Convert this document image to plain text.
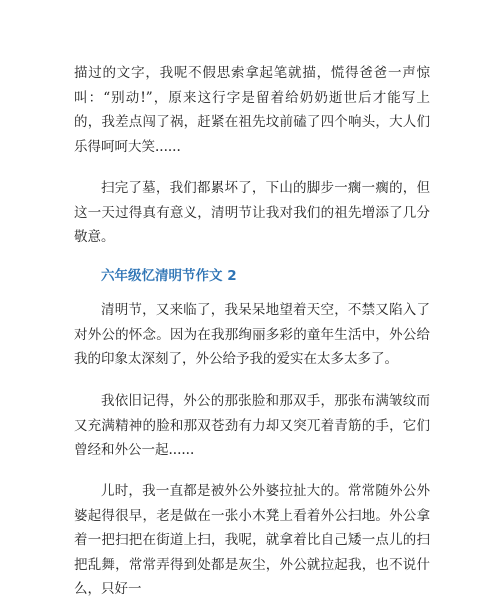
描过的文字，我呢不假思索拿起笔就描，慌得爸爸一声惊叫：“别动!”，原来这行字是留着给奶奶逝世后才能写上的，我差点闯了祸，赶紧在祖先坟前磕了四个响头，大人们乐得呵呵大笑......

扫完了墓，我们都累坏了，下山的脚步一瘸一瘸的，但这一天过得真有意义，清明节让我对我们的祖先增添了几分敬意。

六年级忆清明节作文 2

清明节，又来临了，我呆呆地望着天空，不禁又陷入了对外公的怀念。因为在我那绚丽多彩的童年生活中，外公给我的印象太深刻了，外公给予我的爱实在太多太多了。

我依旧记得，外公的那张脸和那双手，那张布满皱纹而又充满精神的脸和那双苍劲有力却又突兀着青筋的手，它们曾经和外公一起......

儿时，我一直都是被外公外婆拉扯大的。常常随外公外婆起得很早，老是做在一张小木凳上看着外公扫地。外公拿着一把扫把在街道上扫，我呢，就拿着比自己矮一点儿的扫把乱舞，常常弄得到处都是灰尘，外公就拉起我，也不说什么，只好一
